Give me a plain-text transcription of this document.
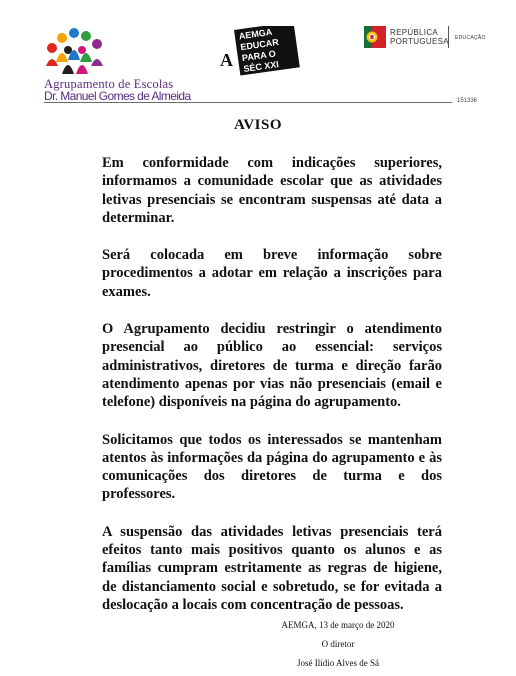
Agrupamento de Escolas
Dr. Manuel Gomes de Almeida
A
AEMGA
EDUCAR
PARA O
SÉC XXI
REPÚBLICA
PORTUGUESA EDUCAÇÃO
151336
AVISO

Em conformidade com indicações superiores, informamos a comunidade escolar que as atividades letivas presenciais se encontram suspensas até data a determinar.

Será colocada em breve informação sobre procedimentos a adotar em relação a inscrições para exames.

O Agrupamento decidiu restringir o atendimento presencial ao público ao essencial: serviços administrativos, diretores de turma e direção farão atendimento apenas por vias não presenciais (email e telefone) disponíveis na página do agrupamento.

Solicitamos que todos os interessados se mantenham atentos às informações da página do agrupamento e às comunicações dos diretores de turma e dos professores.

A suspensão das atividades letivas presenciais terá efeitos tanto mais positivos quanto os alunos e as famílias cumpram estritamente as regras de higiene, de distanciamento social e sobretudo, se for evitada a deslocação a locais com concentração de pessoas.

AEMGA, 13 de março de 2020
O diretor
José Ilídio Alves de Sá
